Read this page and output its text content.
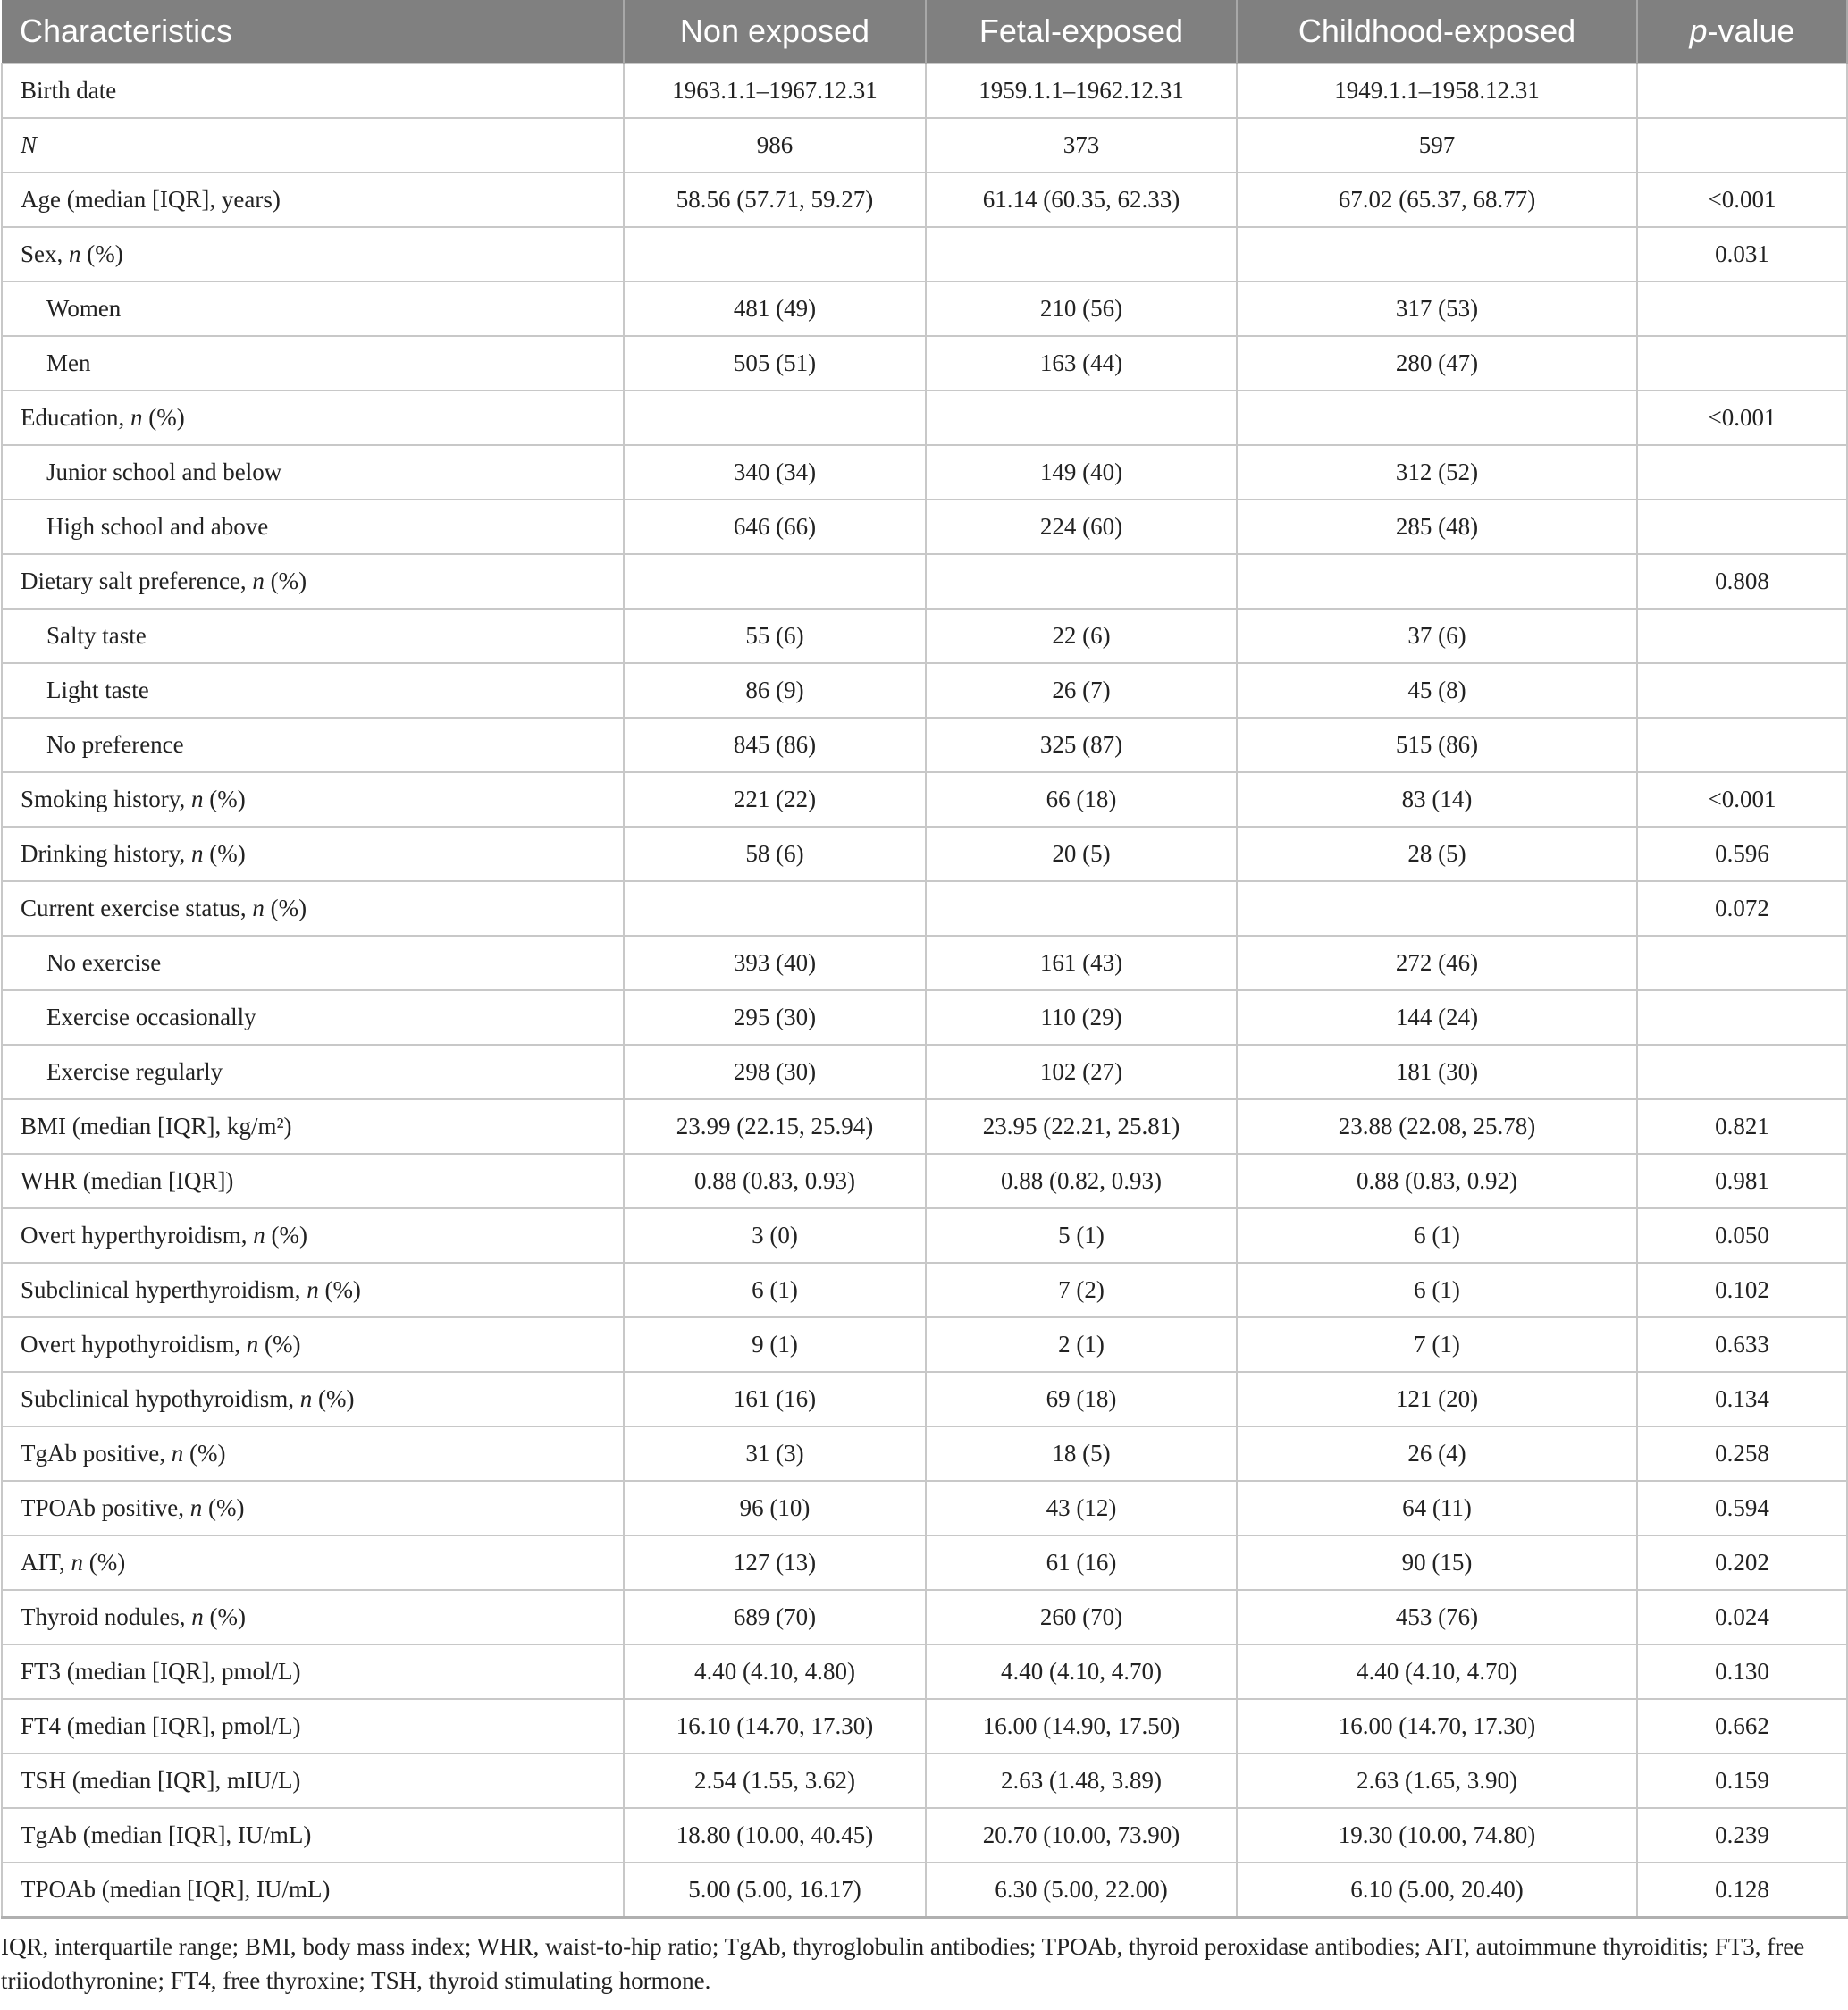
Characteristics	Non exposed	Fetal-exposed	Childhood-exposed	p-value
Birth date	1963.1.1–1967.12.31	1959.1.1–1962.12.31	1949.1.1–1958.12.31	
N	986	373	597	
Age (median [IQR], years)	58.56 (57.71, 59.27)	61.14 (60.35, 62.33)	67.02 (65.37, 68.77)	<0.001
Sex, n (%)				0.031
Women	481 (49)	210 (56)	317 (53)	
Men	505 (51)	163 (44)	280 (47)	
Education, n (%)				<0.001
Junior school and below	340 (34)	149 (40)	312 (52)	
High school and above	646 (66)	224 (60)	285 (48)	
Dietary salt preference, n (%)				0.808
Salty taste	55 (6)	22 (6)	37 (6)	
Light taste	86 (9)	26 (7)	45 (8)	
No preference	845 (86)	325 (87)	515 (86)	
Smoking history, n (%)	221 (22)	66 (18)	83 (14)	<0.001
Drinking history, n (%)	58 (6)	20 (5)	28 (5)	0.596
Current exercise status, n (%)				0.072
No exercise	393 (40)	161 (43)	272 (46)	
Exercise occasionally	295 (30)	110 (29)	144 (24)	
Exercise regularly	298 (30)	102 (27)	181 (30)	
BMI (median [IQR], kg/m²)	23.99 (22.15, 25.94)	23.95 (22.21, 25.81)	23.88 (22.08, 25.78)	0.821
WHR (median [IQR])	0.88 (0.83, 0.93)	0.88 (0.82, 0.93)	0.88 (0.83, 0.92)	0.981
Overt hyperthyroidism, n (%)	3 (0)	5 (1)	6 (1)	0.050
Subclinical hyperthyroidism, n (%)	6 (1)	7 (2)	6 (1)	0.102
Overt hypothyroidism, n (%)	9 (1)	2 (1)	7 (1)	0.633
Subclinical hypothyroidism, n (%)	161 (16)	69 (18)	121 (20)	0.134
TgAb positive, n (%)	31 (3)	18 (5)	26 (4)	0.258
TPOAb positive, n (%)	96 (10)	43 (12)	64 (11)	0.594
AIT, n (%)	127 (13)	61 (16)	90 (15)	0.202
Thyroid nodules, n (%)	689 (70)	260 (70)	453 (76)	0.024
FT3 (median [IQR], pmol/L)	4.40 (4.10, 4.80)	4.40 (4.10, 4.70)	4.40 (4.10, 4.70)	0.130
FT4 (median [IQR], pmol/L)	16.10 (14.70, 17.30)	16.00 (14.90, 17.50)	16.00 (14.70, 17.30)	0.662
TSH (median [IQR], mIU/L)	2.54 (1.55, 3.62)	2.63 (1.48, 3.89)	2.63 (1.65, 3.90)	0.159
TgAb (median [IQR], IU/mL)	18.80 (10.00, 40.45)	20.70 (10.00, 73.90)	19.30 (10.00, 74.80)	0.239
TPOAb (median [IQR], IU/mL)	5.00 (5.00, 16.17)	6.30 (5.00, 22.00)	6.10 (5.00, 20.40)	0.128
IQR, interquartile range; BMI, body mass index; WHR, waist-to-hip ratio; TgAb, thyroglobulin antibodies; TPOAb, thyroid peroxidase antibodies; AIT, autoimmune thyroiditis; FT3, free triiodothyronine; FT4, free thyroxine; TSH, thyroid stimulating hormone.
